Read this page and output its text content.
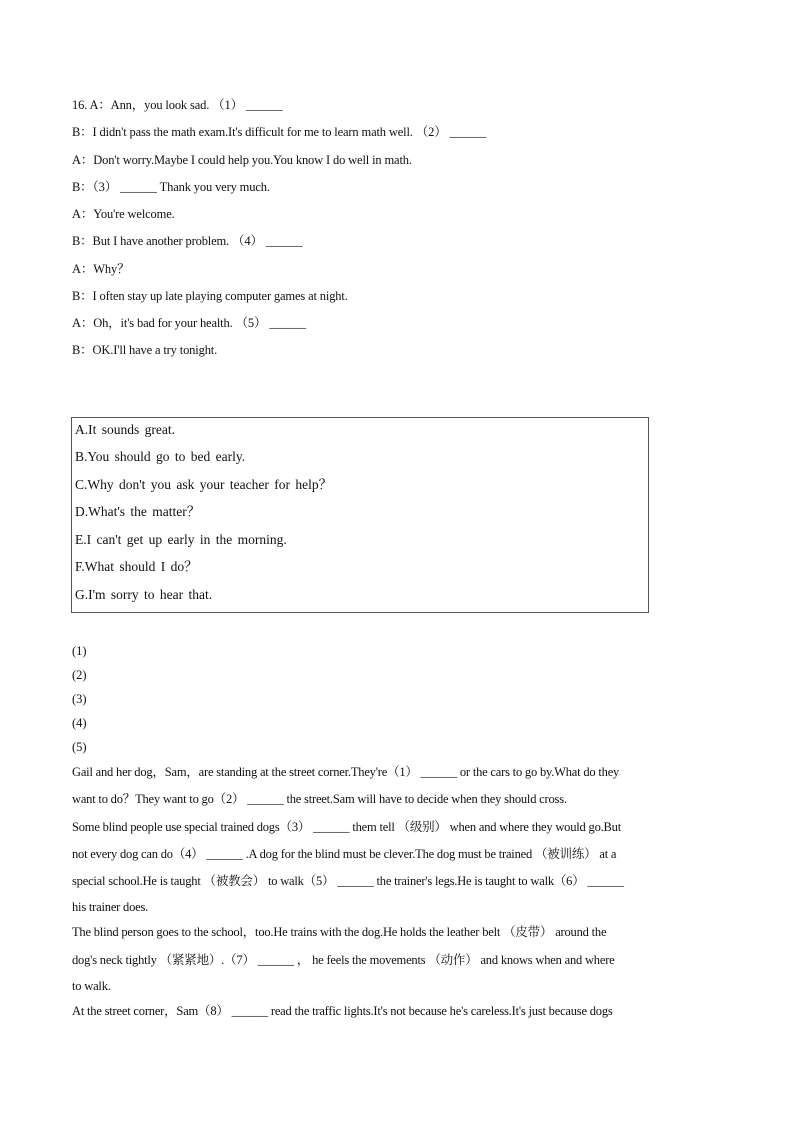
16. A：Ann，you look sad. （1） ______
B：I didn't pass the math exam.It's difficult for me to learn math well. （2） ______
A：Don't worry.Maybe I could help you.You know I do well in math.
B：（3） ______ Thank you very much.
A：You're welcome.
B：But I have another problem. （4） ______
A：Why？
B：I often stay up late playing computer games at night.
A：Oh，it's bad for your health. （5） ______
B：OK.I'll have a try tonight.
A.It sounds great.
B.You should go to bed early.
C.Why don't you ask your teacher for help？
D.What's the matter？
E.I can't get up early in the morning.
F.What should I do？
G.I'm sorry to hear that.
(1)
(2)
(3)
(4)
(5)
Gail and her dog，Sam，are standing at the street corner.They're（1） ______ or the cars to go by.What do they
want to do？They want to go（2） ______ the street.Sam will have to decide when they should cross.
Some blind people use special trained dogs（3） ______ them tell （级别） when and where they would go.But
not every dog can do（4） ______ .A dog for the blind must be clever.The dog must be trained （被训练） at a
special school.He is taught （被教会） to walk（5） ______ the trainer's legs.He is taught to walk（6） ______
his trainer does.
The blind person goes to the school，too.He trains with the dog.He holds the leather belt （皮带） around the
dog's neck tightly （紧紧地）.（7） ______ ， he feels the movements （动作） and knows when and where
to walk.
At the street corner，Sam（8） ______ read the traffic lights.It's not because he's careless.It's just because dogs
